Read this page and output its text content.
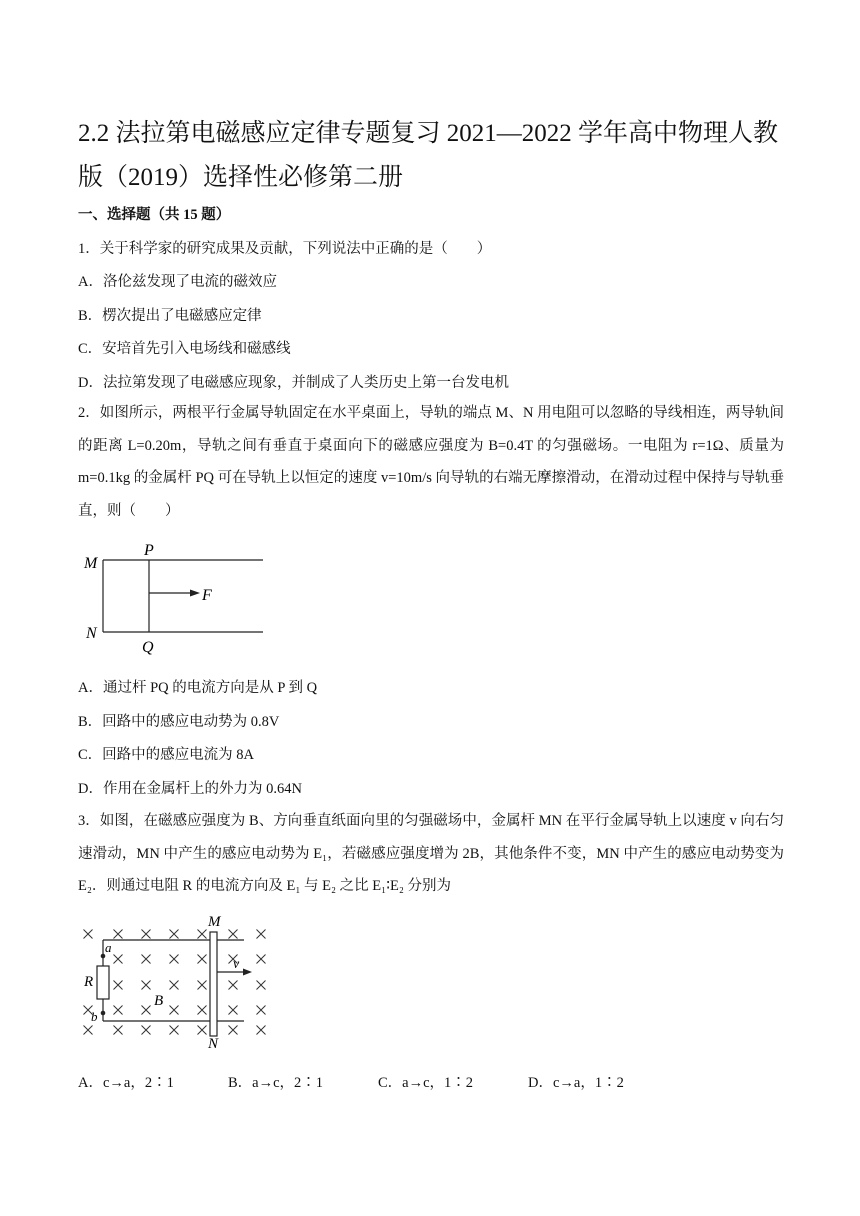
2.2 法拉第电磁感应定律专题复习 2021—2022 学年高中物理人教版（2019）选择性必修第二册
一、选择题（共 15 题）
1．关于科学家的研究成果及贡献，下列说法中正确的是（　　）
A．洛伦兹发现了电流的磁效应
B．楞次提出了电磁感应定律
C．安培首先引入电场线和磁感线
D．法拉第发现了电磁感应现象，并制成了人类历史上第一台发电机
2．如图所示，两根平行金属导轨固定在水平桌面上，导轨的端点 M、N 用电阻可以忽略的导线相连，两导轨间的距离 L=0.20m，导轨之间有垂直于桌面向下的磁感应强度为 B=0.4T 的匀强磁场。一电阻为 r=1Ω、质量为 m=0.1kg 的金属杆 PQ 可在导轨上以恒定的速度 v=10m/s 向导轨的右端无摩擦滑动，在滑动过程中保持与导轨垂直，则（　　）
M
P
F
N
Q
A．通过杆 PQ 的电流方向是从 P 到 Q
B．回路中的感应电动势为 0.8V
C．回路中的感应电流为 8A
D．作用在金属杆上的外力为 0.64N
3．如图，在磁感应强度为 B、方向垂直纸面向里的匀强磁场中，金属杆 MN 在平行金属导轨上以速度 v 向右匀速滑动，MN 中产生的感应电动势为 E₁，若磁感应强度增为 2B，其他条件不变，MN 中产生的感应电动势变为 E₂．则通过电阻 R 的电流方向及 E₁ 与 E₂ 之比 E₁∶E₂ 分别为
M
N
R
B
v
a
b
A．c→a，2∶1	B．a→c，2∶1	C．a→c，1∶2	D．c→a，1∶2
